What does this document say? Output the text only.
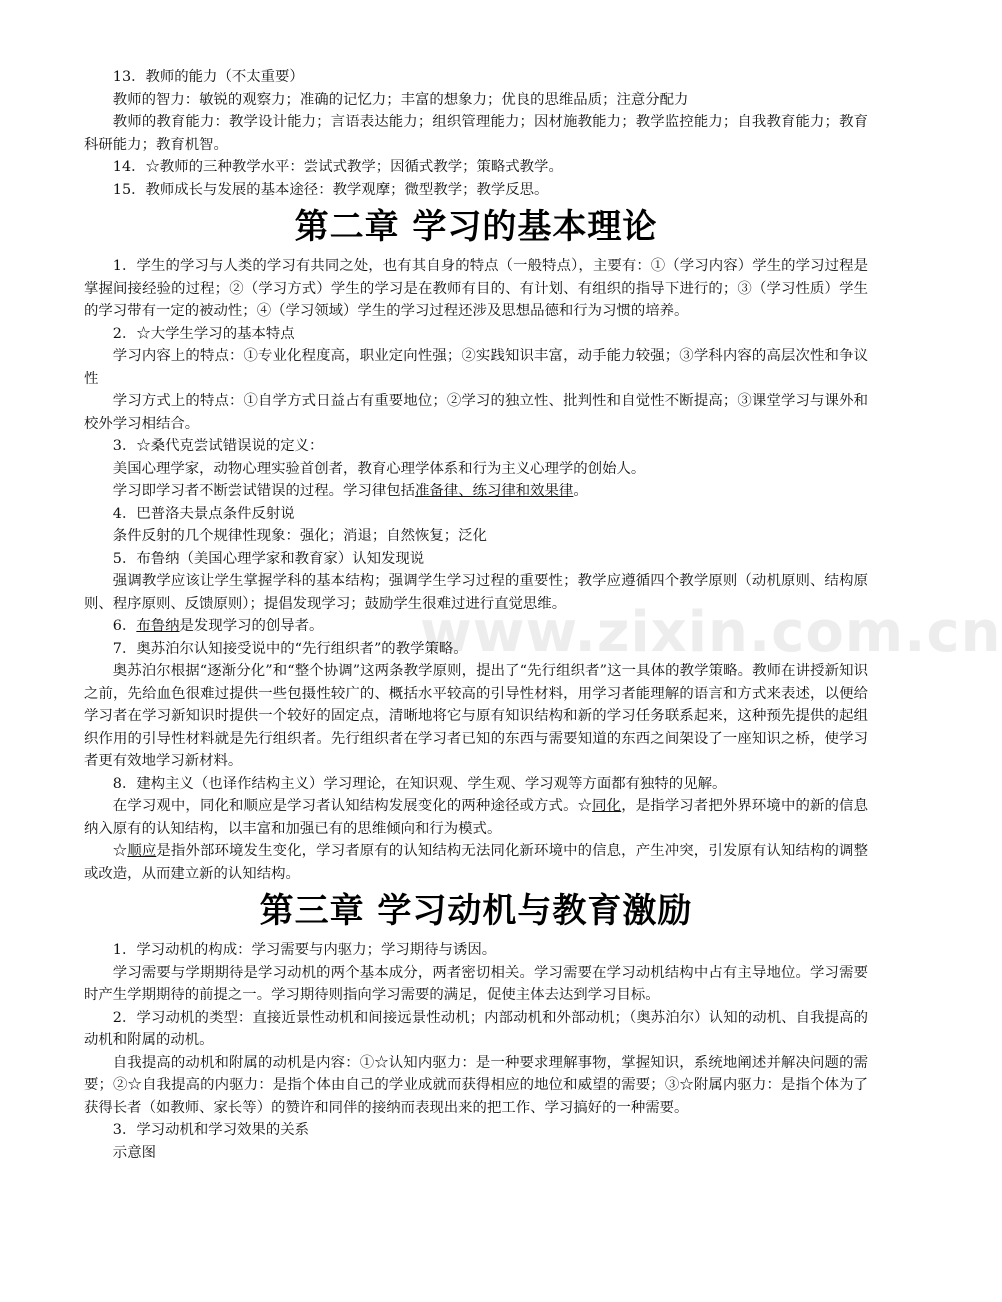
www.zixin.com.cn

13．教师的能力（不太重要）

教师的智力：敏锐的观察力；准确的记忆力；丰富的想象力；优良的思维品质；注意分配力

教师的教育能力：教学设计能力；言语表达能力；组织管理能力；因材施教能力；教学监控能力；自我教育能力；教育科研能力；教育机智。

14．☆教师的三种教学水平：尝试式教学；因循式教学；策略式教学。

15．教师成长与发展的基本途径：教学观摩；微型教学；教学反思。

第二章 学习的基本理论

1．学生的学习与人类的学习有共同之处，也有其自身的特点（一般特点），主要有：①（学习内容）学生的学习过程是掌握间接经验的过程；②（学习方式）学生的学习是在教师有目的、有计划、有组织的指导下进行的；③（学习性质）学生的学习带有一定的被动性；④（学习领域）学生的学习过程还涉及思想品德和行为习惯的培养。

2．☆大学生学习的基本特点

学习内容上的特点：①专业化程度高，职业定向性强；②实践知识丰富，动手能力较强；③学科内容的高层次性和争议性

学习方式上的特点：①自学方式日益占有重要地位；②学习的独立性、批判性和自觉性不断提高；③课堂学习与课外和校外学习相结合。

3．☆桑代克尝试错误说的定义：

美国心理学家，动物心理实验首创者，教育心理学体系和行为主义心理学的创始人。

学习即学习者不断尝试错误的过程。学习律包括准备律、练习律和效果律。

4．巴普洛夫景点条件反射说

条件反射的几个规律性现象：强化；消退；自然恢复；泛化

5．布鲁纳（美国心理学家和教育家）认知发现说

强调教学应该让学生掌握学科的基本结构；强调学生学习过程的重要性；教学应遵循四个教学原则（动机原则、结构原则、程序原则、反馈原则）；提倡发现学习；鼓励学生很难过进行直觉思维。

6．布鲁纳是发现学习的创导者。

7．奥苏泊尔认知接受说中的“先行组织者”的教学策略。

奥苏泊尔根据“逐渐分化”和“整个协调”这两条教学原则，提出了“先行组织者”这一具体的教学策略。教师在讲授新知识之前，先给血色很难过提供一些包摄性较广的、概括水平较高的引导性材料，用学习者能理解的语言和方式来表述，以便给学习者在学习新知识时提供一个较好的固定点，清晰地将它与原有知识结构和新的学习任务联系起来，这种预先提供的起组织作用的引导性材料就是先行组织者。先行组织者在学习者已知的东西与需要知道的东西之间架设了一座知识之桥，使学习者更有效地学习新材料。

8．建构主义（也译作结构主义）学习理论，在知识观、学生观、学习观等方面都有独特的见解。

在学习观中，同化和顺应是学习者认知结构发展变化的两种途径或方式。☆同化，是指学习者把外界环境中的新的信息纳入原有的认知结构，以丰富和加强已有的思维倾向和行为模式。

☆顺应是指外部环境发生变化，学习者原有的认知结构无法同化新环境中的信息，产生冲突，引发原有认知结构的调整或改造，从而建立新的认知结构。

第三章 学习动机与教育激励

1．学习动机的构成：学习需要与内驱力；学习期待与诱因。

学习需要与学期期待是学习动机的两个基本成分，两者密切相关。学习需要在学习动机结构中占有主导地位。学习需要时产生学期期待的前提之一。学习期待则指向学习需要的满足，促使主体去达到学习目标。

2．学习动机的类型：直接近景性动机和间接远景性动机；内部动机和外部动机；（奥苏泊尔）认知的动机、自我提高的动机和附属的动机。

自我提高的动机和附属的动机是内容：①☆认知内驱力：是一种要求理解事物，掌握知识，系统地阐述并解决问题的需要；②☆自我提高的内驱力：是指个体由自己的学业成就而获得相应的地位和威望的需要；③☆附属内驱力：是指个体为了获得长者（如教师、家长等）的赞许和同伴的接纳而表现出来的把工作、学习搞好的一种需要。

3．学习动机和学习效果的关系

示意图
